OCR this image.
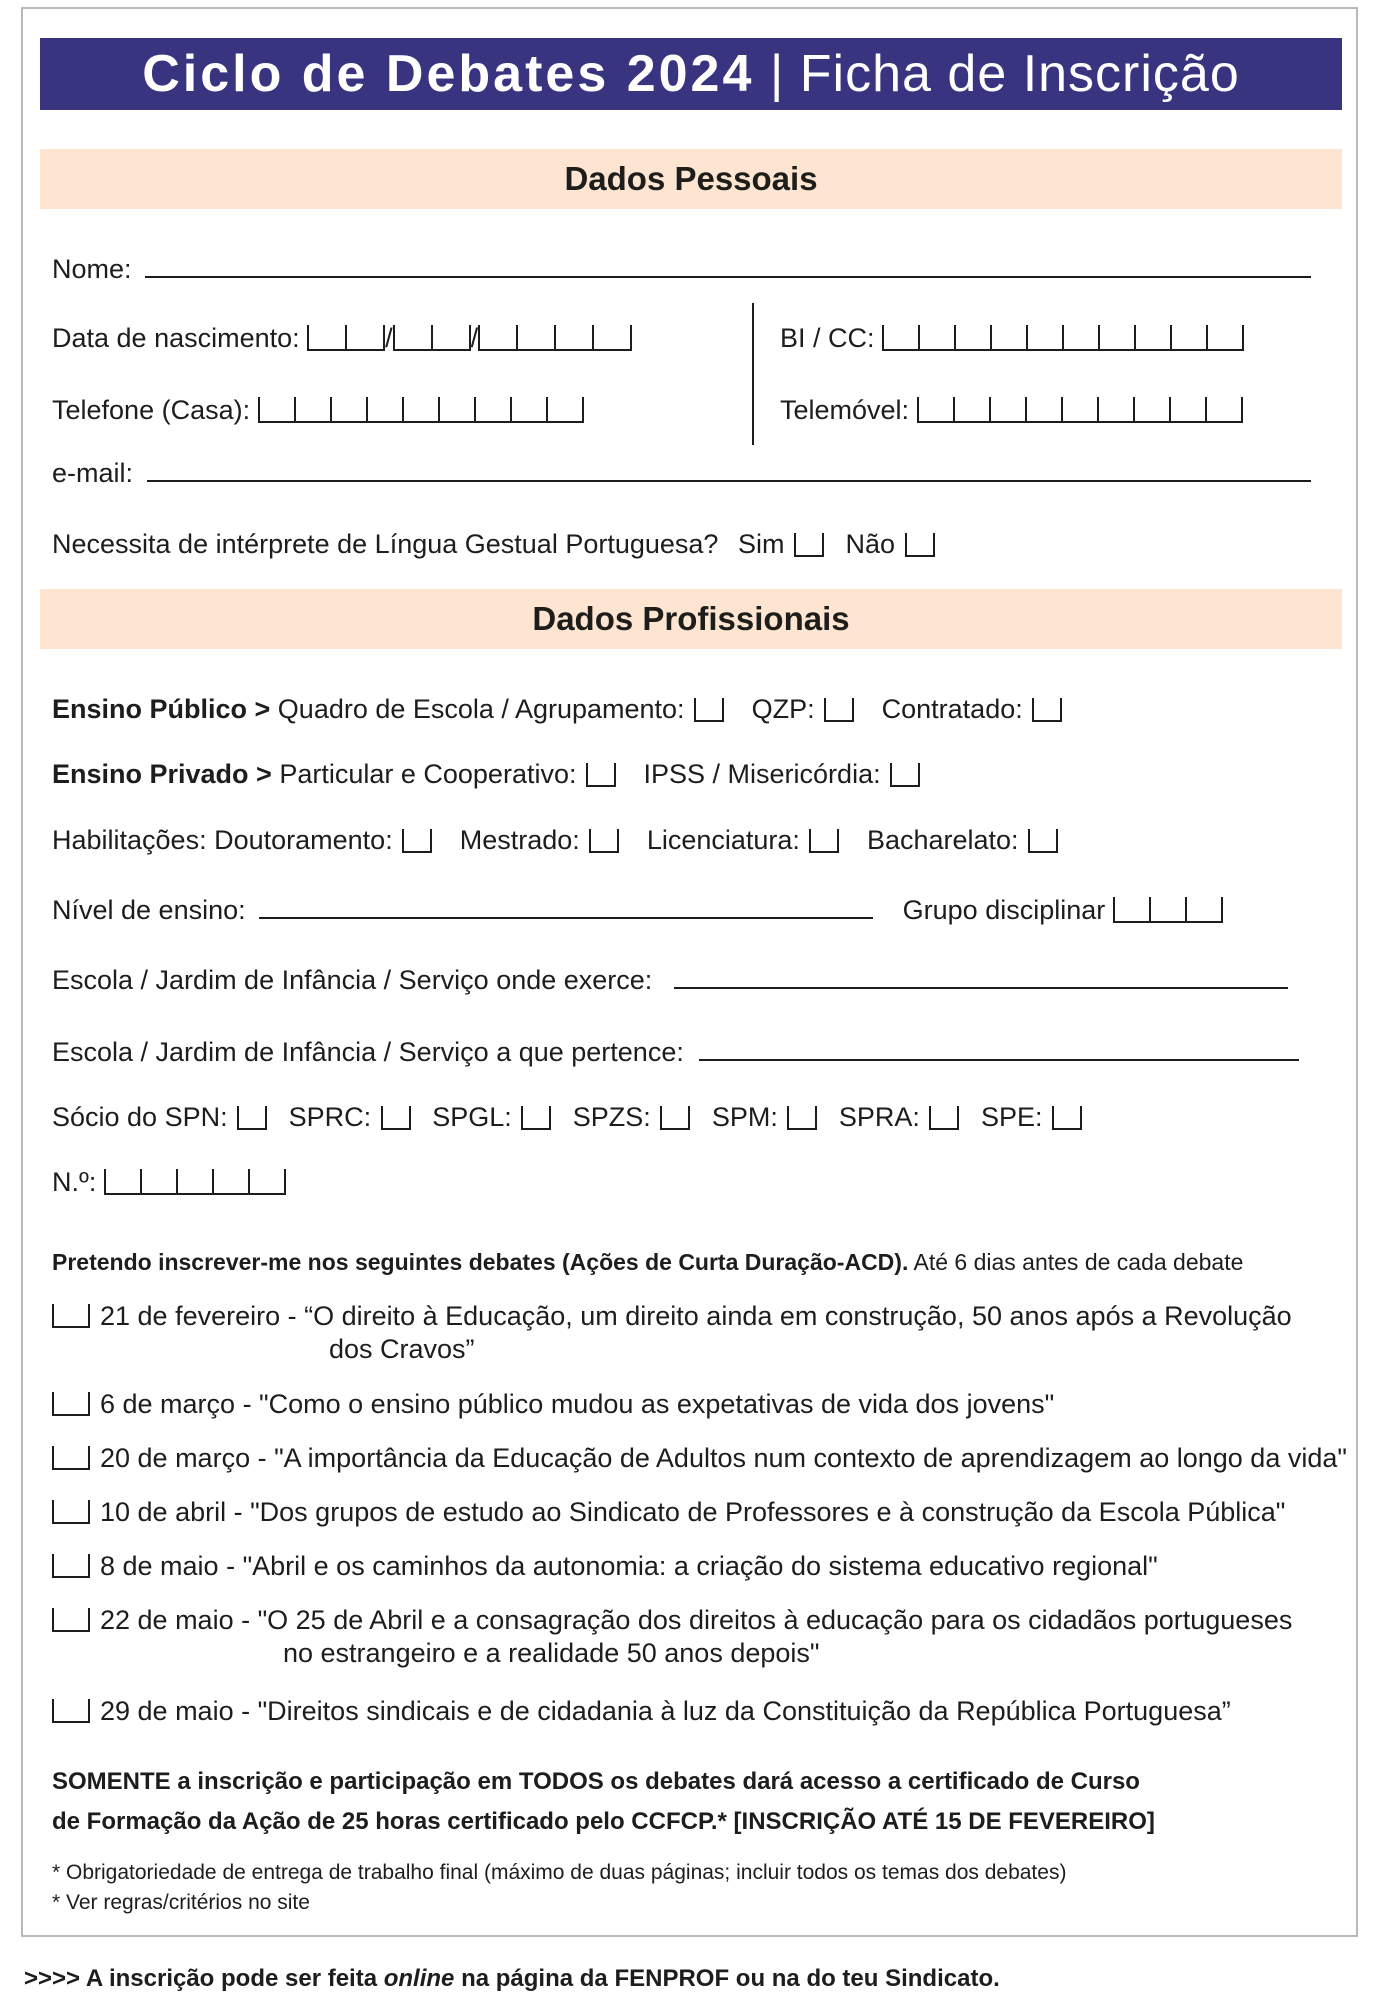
Ciclo de Debates 2024 | Ficha de Inscrição
Dados Pessoais
Nome:
Data de nascimento:	/	/	BI / CC:
Telefone (Casa):	Telemóvel:
e-mail:
Necessita de intérprete de Língua Gestual Portuguesa? Sim Não
Dados Profissionais
Ensino Público > Quadro de Escola / Agrupamento: QZP: Contratado:
Ensino Privado > Particular e Cooperativo: IPSS / Misericórdia:
Habilitações: Doutoramento: Mestrado: Licenciatura: Bacharelato:
Nível de ensino:	Grupo disciplinar
Escola / Jardim de Infância / Serviço onde exerce:
Escola / Jardim de Infância / Serviço a que pertence:
Sócio do SPN: SPRC: SPGL: SPZS: SPM: SPRA: SPE:
N.º:
Pretendo inscrever-me nos seguintes debates (Ações de Curta Duração-ACD). Até 6 dias antes de cada debate
21 de fevereiro - “O direito à Educação, um direito ainda em construção, 50 anos após a Revolução
dos Cravos”
6 de março - "Como o ensino público mudou as expetativas de vida dos jovens"
20 de março - "A importância da Educação de Adultos num contexto de aprendizagem ao longo da vida"
10 de abril - "Dos grupos de estudo ao Sindicato de Professores e à construção da Escola Pública"
8 de maio - "Abril e os caminhos da autonomia: a criação do sistema educativo regional"
22 de maio - "O 25 de Abril e a consagração dos direitos à educação para os cidadãos portugueses
no estrangeiro e a realidade 50 anos depois"
29 de maio - "Direitos sindicais e de cidadania à luz da Constituição da República Portuguesa”
SOMENTE a inscrição e participação em TODOS os debates dará acesso a certificado de Curso
de Formação da Ação de 25 horas certificado pelo CCFCP.* [INSCRIÇÃO ATÉ 15 DE FEVEREIRO]
* Obrigatoriedade de entrega de trabalho final (máximo de duas páginas; incluir todos os temas dos debates)
* Ver regras/critérios no site
>>>> A inscrição pode ser feita online na página da FENPROF ou na do teu Sindicato.
